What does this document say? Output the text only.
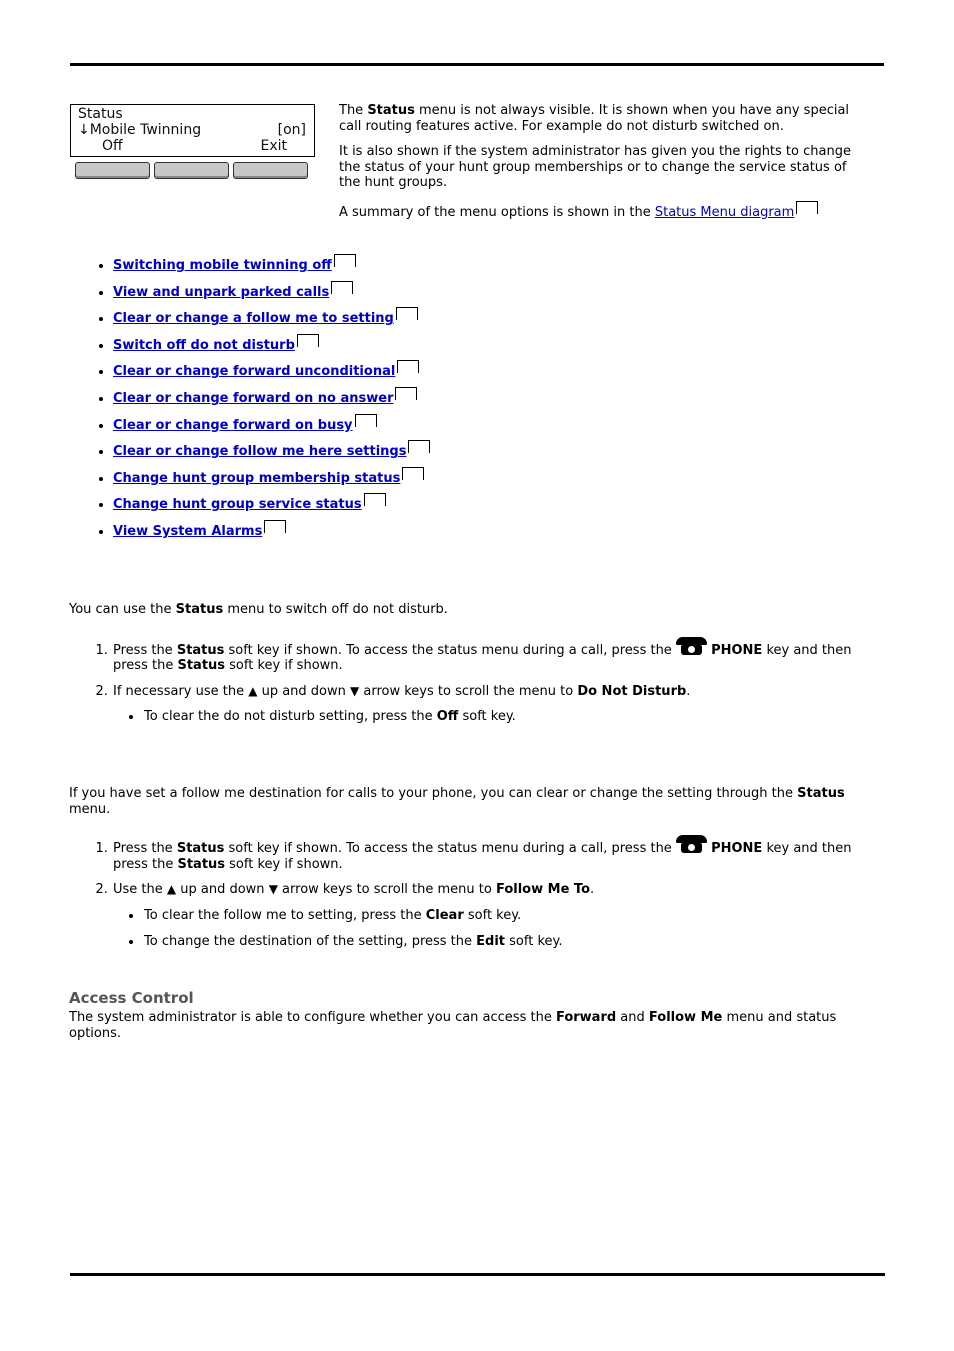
Status
↓Mobile Twinning	[on]
Off	Exit

The Status menu is not always visible. It is shown when you have any special call routing features active. For example do not disturb switched on.

It is also shown if the system administrator has given you the rights to change the status of your hunt group memberships or to change the service status of the hunt groups.

A summary of the menu options is shown in the Status Menu diagram

• Switching mobile twinning off
• View and unpark parked calls
• Clear or change a follow me to setting
• Switch off do not disturb
• Clear or change forward unconditional
• Clear or change forward on no answer
• Clear or change forward on busy
• Clear or change follow me here settings
• Change hunt group membership status
• Change hunt group service status
• View System Alarms

You can use the Status menu to switch off do not disturb.

1. Press the Status soft key if shown. To access the status menu during a call, press the	PHONE key and then press the Status soft key if shown.
2. If necessary use the ▲ up and down ▼ arrow keys to scroll the menu to Do Not Disturb.
• To clear the do not disturb setting, press the Off soft key.

If you have set a follow me destination for calls to your phone, you can clear or change the setting through the Status menu.

1. Press the Status soft key if shown. To access the status menu during a call, press the	PHONE key and then press the Status soft key if shown.
2. Use the ▲ up and down ▼ arrow keys to scroll the menu to Follow Me To.
• To clear the follow me to setting, press the Clear soft key.
• To change the destination of the setting, press the Edit soft key.
Access Control

The system administrator is able to configure whether you can access the Forward and Follow Me menu and status options.
